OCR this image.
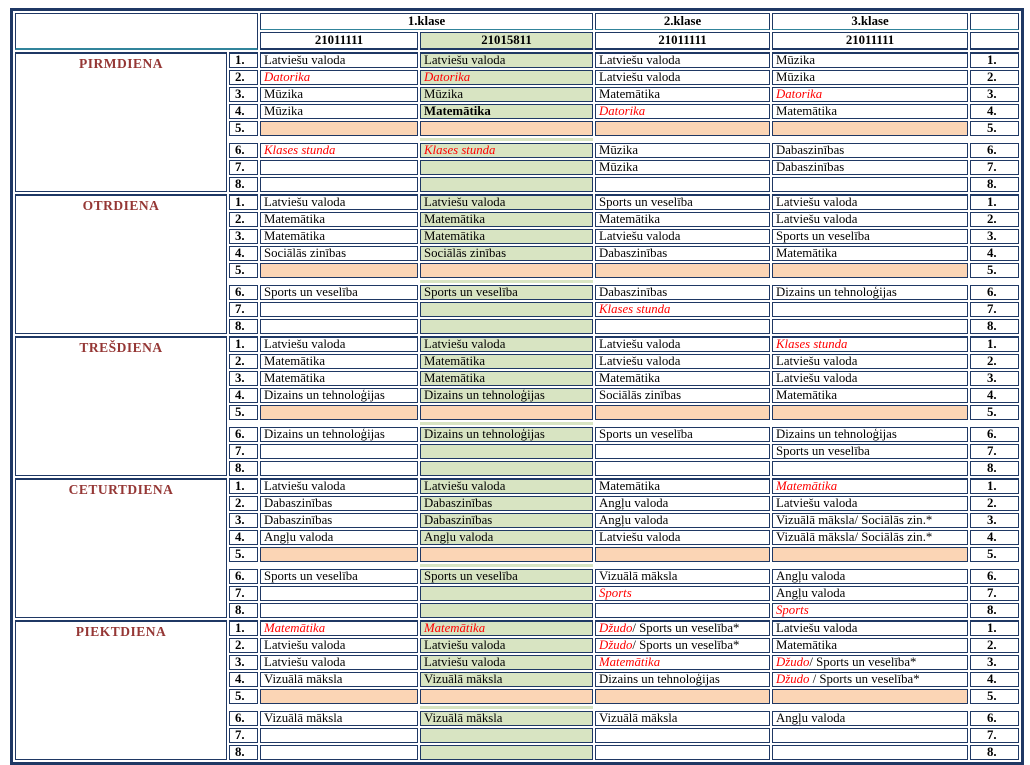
		1.klase		2.klase	3.klase	
		21011111	21015811	21011111	21011111	
PIRMDIENA	1.	Latviešu valoda	Latviešu valoda	Latviešu valoda	Mūzika	1.
	2.	Datorika	Datorika	Latviešu valoda	Mūzika	2.
	3.	Mūzika	Mūzika	Matemātika	Datorika	3.
	4.	Mūzika	Matemātika	Datorika	Matemātika	4.
	5.					5.

	6.	Klases stunda	Klases stunda	Mūzika	Dabaszinības	6.
	7.			Mūzika	Dabaszinības	7.
	8.					8.
OTRDIENA	1.	Latviešu valoda	Latviešu valoda	Sports un veselība	Latviešu valoda	1.
	2.	Matemātika	Matemātika	Matemātika	Latviešu valoda	2.
	3.	Matemātika	Matemātika	Latviešu valoda	Sports un veselība	3.
	4.	Sociālās zinības	Sociālās zinības	Dabaszinības	Matemātika	4.
	5.					5.

	6.	Sports un veselība	Sports un veselība	Dabaszinības	Dizains un tehnoloģijas	6.
	7.			Klases stunda		7.
	8.					8.
TREŠDIENA	1.	Latviešu valoda	Latviešu valoda	Latviešu valoda	Klases stunda	1.
	2.	Matemātika	Matemātika	Latviešu valoda	Latviešu valoda	2.
	3.	Matemātika	Matemātika	Matemātika	Latviešu valoda	3.
	4.	Dizains un tehnoloģijas	Dizains un tehnoloģijas	Sociālās zinības	Matemātika	4.
	5.					5.

	6.	Dizains un tehnoloģijas	Dizains un tehnoloģijas	Sports un veselība	Dizains un tehnoloģijas	6.
	7.				Sports un veselība	7.
	8.					8.
CETURTDIENA	1.	Latviešu valoda	Latviešu valoda	Matemātika	Matemātika	1.
	2.	Dabaszinības	Dabaszinības	Angļu valoda	Latviešu valoda	2.
	3.	Dabaszinības	Dabaszinības	Angļu valoda	Vizuālā māksla/ Sociālās zin.*	3.
	4.	Angļu valoda	Angļu valoda	Latviešu valoda	Vizuālā māksla/ Sociālās zin.*	4.
	5.					5.

	6.	Sports un veselība	Sports un veselība	Vizuālā māksla	Angļu valoda	6.
	7.			Sports	Angļu valoda	7.
	8.				Sports	8.
PIEKTDIENA	1.	Matemātika	Matemātika	Džudo/ Sports un veselība*	Latviešu valoda	1.
	2.	Latviešu valoda	Latviešu valoda	Džudo/ Sports un veselība*	Matemātika	2.
	3.	Latviešu valoda	Latviešu valoda	Matemātika	Džudo/ Sports un veselība*	3.
	4.	Vizuālā māksla	Vizuālā māksla	Dizains un tehnoloģijas	Džudo / Sports un veselība*	4.
	5.					5.

	6.	Vizuālā māksla	Vizuālā māksla	Vizuālā māksla	Angļu valoda	6.
	7.					7.
	8.					8.
